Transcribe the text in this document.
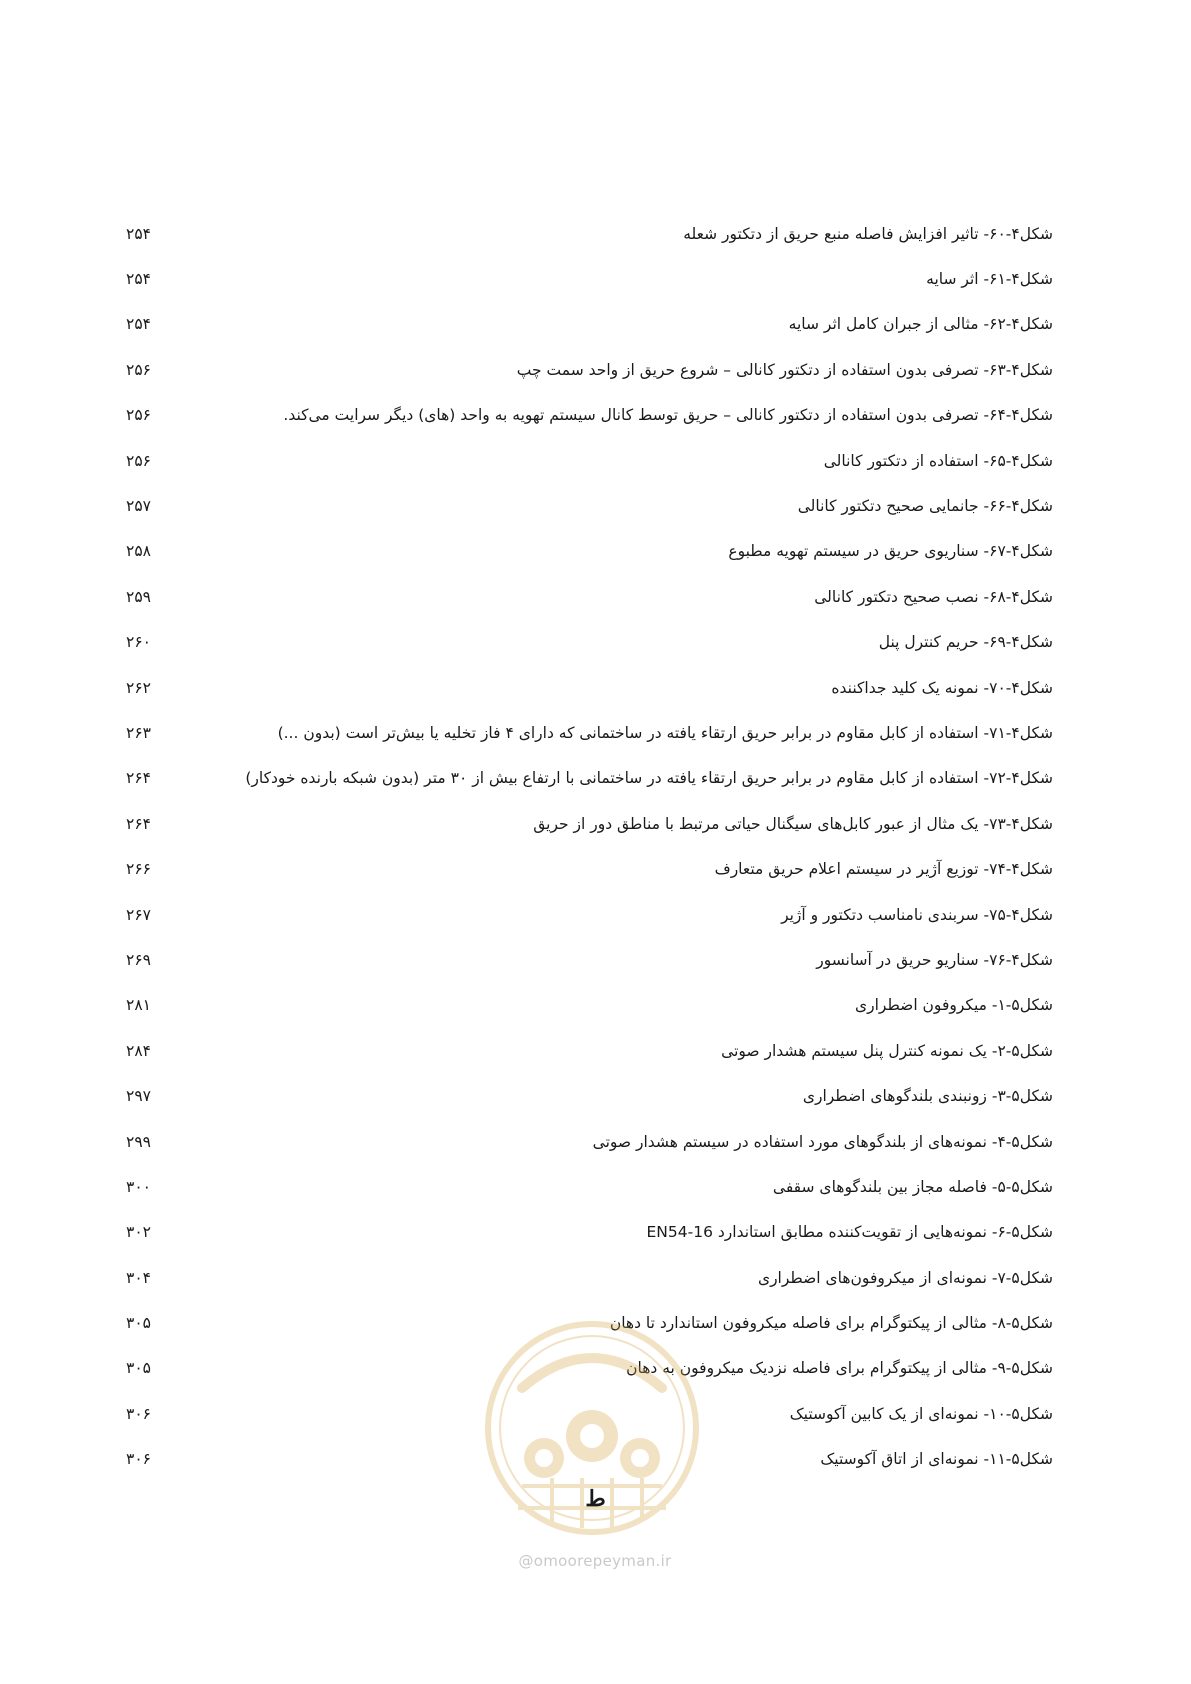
شکل۴-۶۰- تاثیر افزایش فاصله منبع حریق از دتکتور شعله
۲۵۴
شکل۴-۶۱- اثر سایه
۲۵۴
شکل۴-۶۲- مثالی از جبران کامل اثر سایه
۲۵۴
شکل۴-۶۳- تصرفی بدون استفاده از دتکتور کانالی – شروع حریق از واحد سمت چپ
۲۵۶
شکل۴-۶۴- تصرفی بدون استفاده از دتکتور کانالی – حریق توسط کانال سیستم تهویه به واحد (های) دیگر سرایت می‌کند.
۲۵۶
شکل۴-۶۵- استفاده از دتکتور کانالی
۲۵۶
شکل۴-۶۶- جانمایی صحیح دتکتور کانالی
۲۵۷
شکل۴-۶۷- سناریوی حریق در سیستم تهویه مطبوع
۲۵۸
شکل۴-۶۸- نصب صحیح دتکتور کانالی
۲۵۹
شکل۴-۶۹- حریم کنترل پنل
۲۶۰
شکل۴-۷۰- نمونه یک کلید جداکننده
۲۶۲
شکل۴-۷۱- استفاده از کابل مقاوم در برابر حریق ارتقاء یافته در ساختمانی که دارای ۴ فاز تخلیه یا بیش‌تر است (بدون ...)
۲۶۳
شکل۴-۷۲- استفاده از کابل مقاوم در برابر حریق ارتقاء یافته در ساختمانی با ارتفاع بیش از ۳۰ متر (بدون شبکه بارنده خودکار)
۲۶۴
شکل۴-۷۳- یک مثال از عبور کابل‌های سیگنال حیاتی مرتبط با مناطق دور از حریق
۲۶۴
شکل۴-۷۴- توزیع آژیر در سیستم اعلام حریق متعارف
۲۶۶
شکل۴-۷۵- سربندی نامناسب دتکتور و آژیر
۲۶۷
شکل۴-۷۶- سناریو حریق در آسانسور
۲۶۹
شکل۵-۱- میکروفون اضطراری
۲۸۱
شکل۵-۲- یک نمونه کنترل پنل سیستم هشدار صوتی
۲۸۴
شکل۵-۳- زونبندی بلندگوهای اضطراری
۲۹۷
شکل۵-۴- نمونه‌های از بلندگوهای مورد استفاده در سیستم هشدار صوتی
۲۹۹
شکل۵-۵- فاصله مجاز بین بلندگوهای سقفی
۳۰۰
شکل۵-۶- نمونه‌هایی از تقویت‌کننده مطابق استاندارد EN54-16
۳۰۲
شکل۵-۷- نمونه‌ای از میکروفون‌های اضطراری
۳۰۴
شکل۵-۸- مثالی از پیکتوگرام برای فاصله میکروفون استاندارد تا دهان
۳۰۵
شکل۵-۹- مثالی از پیکتوگرام برای فاصله نزدیک میکروفون به دهان
۳۰۵
شکل۵-۱۰- نمونه‌ای از یک کابین آکوستیک
۳۰۶
شکل۵-۱۱- نمونه‌ای از اتاق آکوستیک
۳۰۶
ط
@omoorepeyman.ir
